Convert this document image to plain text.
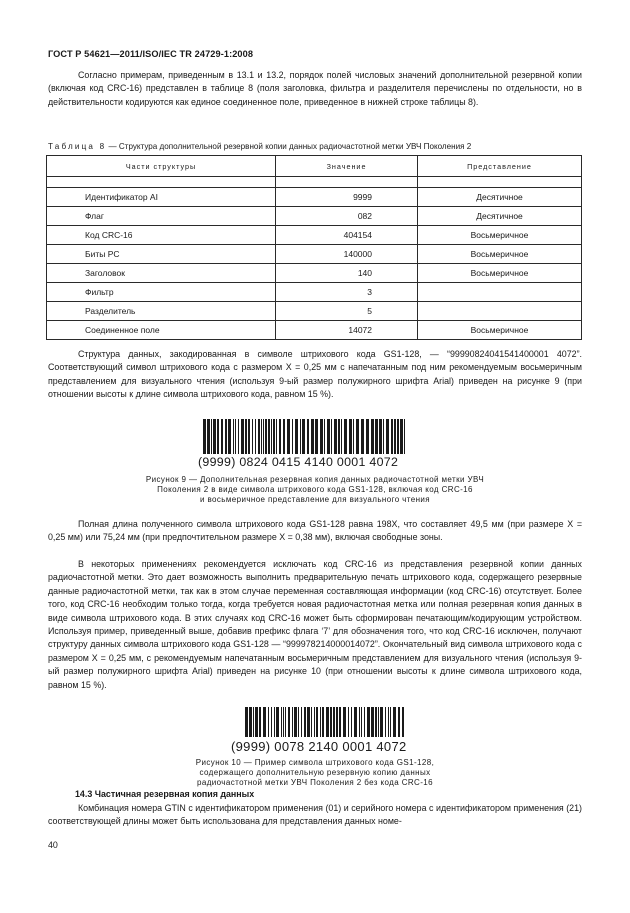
ГОСТ Р 54621—2011/ISO/IEC TR 24729-1:2008

Согласно примерам, приведенным в 13.1 и 13.2, порядок полей числовых значений дополнительной резервной копии (включая код CRC-16) представлен в таблице 8 (поля заголовка, фильтра и разделителя перечислены по отдельности, но в действительности кодируются как единое соединенное поле, приведенное в нижней строке таблицы 8).

Таблица 8 — Структура дополнительной резервной копии данных радиочастотной метки УВЧ Поколения 2
Части структуры	Значение	Представление

Идентификатор AI	9999	Десятичное
Флаг	082	Десятичное
Код CRC-16	404154	Восьмеричное
Биты PC	140000	Восьмеричное
Заголовок	140	Восьмеричное
Фильтр	3	
Разделитель	5	
Соединенное поле	14072	Восьмеричное

Структура данных, закодированная в символе штрихового кода GS1-128, — “99990824041541400001 4072”. Соответствующий символ штрихового кода с размером X = 0,25 мм с напечатанным под ним рекомендуемым восьмеричным представлением для визуального чтения (используя 9-ый размер полужирного шрифта Arial) приведен на рисунке 9 (при отношении высоты к длине символа штрихового кода, равном 15 %).

(9999) 0824 0415 4140 0001 4072
Рисунок 9 — Дополнительная резервная копия данных радиочастотной метки УВЧ
Поколения 2 в виде символа штрихового кода GS1-128, включая код CRC-16
и восьмеричное представление для визуального чтения

Полная длина полученного символа штрихового кода GS1-128 равна 198X, что составляет 49,5 мм (при размере X = 0,25 мм) или 75,24 мм (при предпочтительном размере X = 0,38 мм), включая свободные зоны.

В некоторых применениях рекомендуется исключать код CRC-16 из представления резервной копии данных радиочастотной метки. Это дает возможность выполнить предварительную печать штрихового кода, содержащего резервные данные радиочастотной метки, так как в этом случае переменная составляющая информации (код CRC-16) отсутствует. Более того, код CRC-16 необходим только тогда, когда требуется новая радиочастотная метка или полная резервная копия данных в виде символа штрихового кода. В этих случаях код CRC-16 может быть сформирован печатающим/кодирующим устройством. Используя пример, приведенный выше, добавив префикс флага ‘7’ для обозначения того, что код CRC-16 исключен, получают структуру данных символа штрихового кода GS1-128 — “999978214000014072”. Окончательный вид символа штрихового кода с размером X = 0,25 мм, с рекомендуемым напечатанным восьмеричным представлением для визуального чтения (используя 9-ый размер полужирного шрифта Arial) приведен на рисунке 10 (при отношении высоты к длине символа штрихового кода, равном 15 %).

(9999) 0078 2140 0001 4072
Рисунок 10 — Пример символа штрихового кода GS1-128,
содержащего дополнительную резервную копию данных
радиочастотной метки УВЧ Поколения 2 без кода CRC-16
14.3 Частичная резервная копия данных

Комбинация номера GTIN с идентификатором применения (01) и серийного номера с идентификатором применения (21) соответствующей длины может быть использована для представления данных номе-

40
